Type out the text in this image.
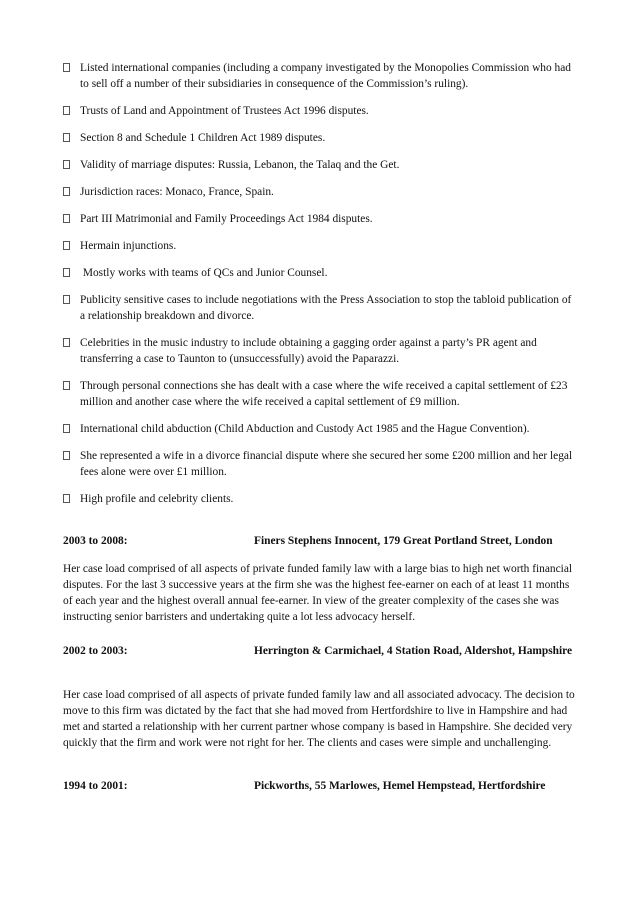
Listed international companies (including a company investigated by the Monopolies Commission who had to sell off a number of their subsidiaries in consequence of the Commission’s ruling).
Trusts of Land and Appointment of Trustees Act 1996 disputes.
Section 8 and Schedule 1 Children Act 1989 disputes.
Validity of marriage disputes: Russia, Lebanon, the Talaq and the Get.
Jurisdiction races: Monaco, France, Spain.
Part III Matrimonial and Family Proceedings Act 1984 disputes.
Hermain injunctions.
Mostly works with teams of QCs and Junior Counsel.
Publicity sensitive cases to include negotiations with the Press Association to stop the tabloid publication of a relationship breakdown and divorce.
Celebrities in the music industry to include obtaining a gagging order against a party’s PR agent and transferring a case to Taunton to (unsuccessfully) avoid the Paparazzi.
Through personal connections she has dealt with a case where the wife received a capital settlement of £23 million and another case where the wife received a capital settlement of £9 million.
International child abduction (Child Abduction and Custody Act 1985 and the Hague Convention).
She represented a wife in a divorce financial dispute where she secured her some £200 million and her legal fees alone were over £1 million.
High profile and celebrity clients.
2003 to 2008:	Finers Stephens Innocent, 179 Great Portland Street, London

Her case load comprised of all aspects of private funded family law with a large bias to high net worth financial disputes. For the last 3 successive years at the firm she was the highest fee-earner on each of at least 11 months of each year and the highest overall annual fee-earner. In view of the greater complexity of the cases she was instructing senior barristers and undertaking quite a lot less advocacy herself.

2002 to 2003:	Herrington & Carmichael, 4 Station Road, Aldershot, Hampshire

Her case load comprised of all aspects of private funded family law and all associated advocacy. The decision to move to this firm was dictated by the fact that she had moved from Hertfordshire to live in Hampshire and had met and started a relationship with her current partner whose company is based in Hampshire. She decided very quickly that the firm and work were not right for her. The clients and cases were simple and unchallenging.

1994 to 2001:	Pickworths, 55 Marlowes, Hemel Hempstead, Hertfordshire
